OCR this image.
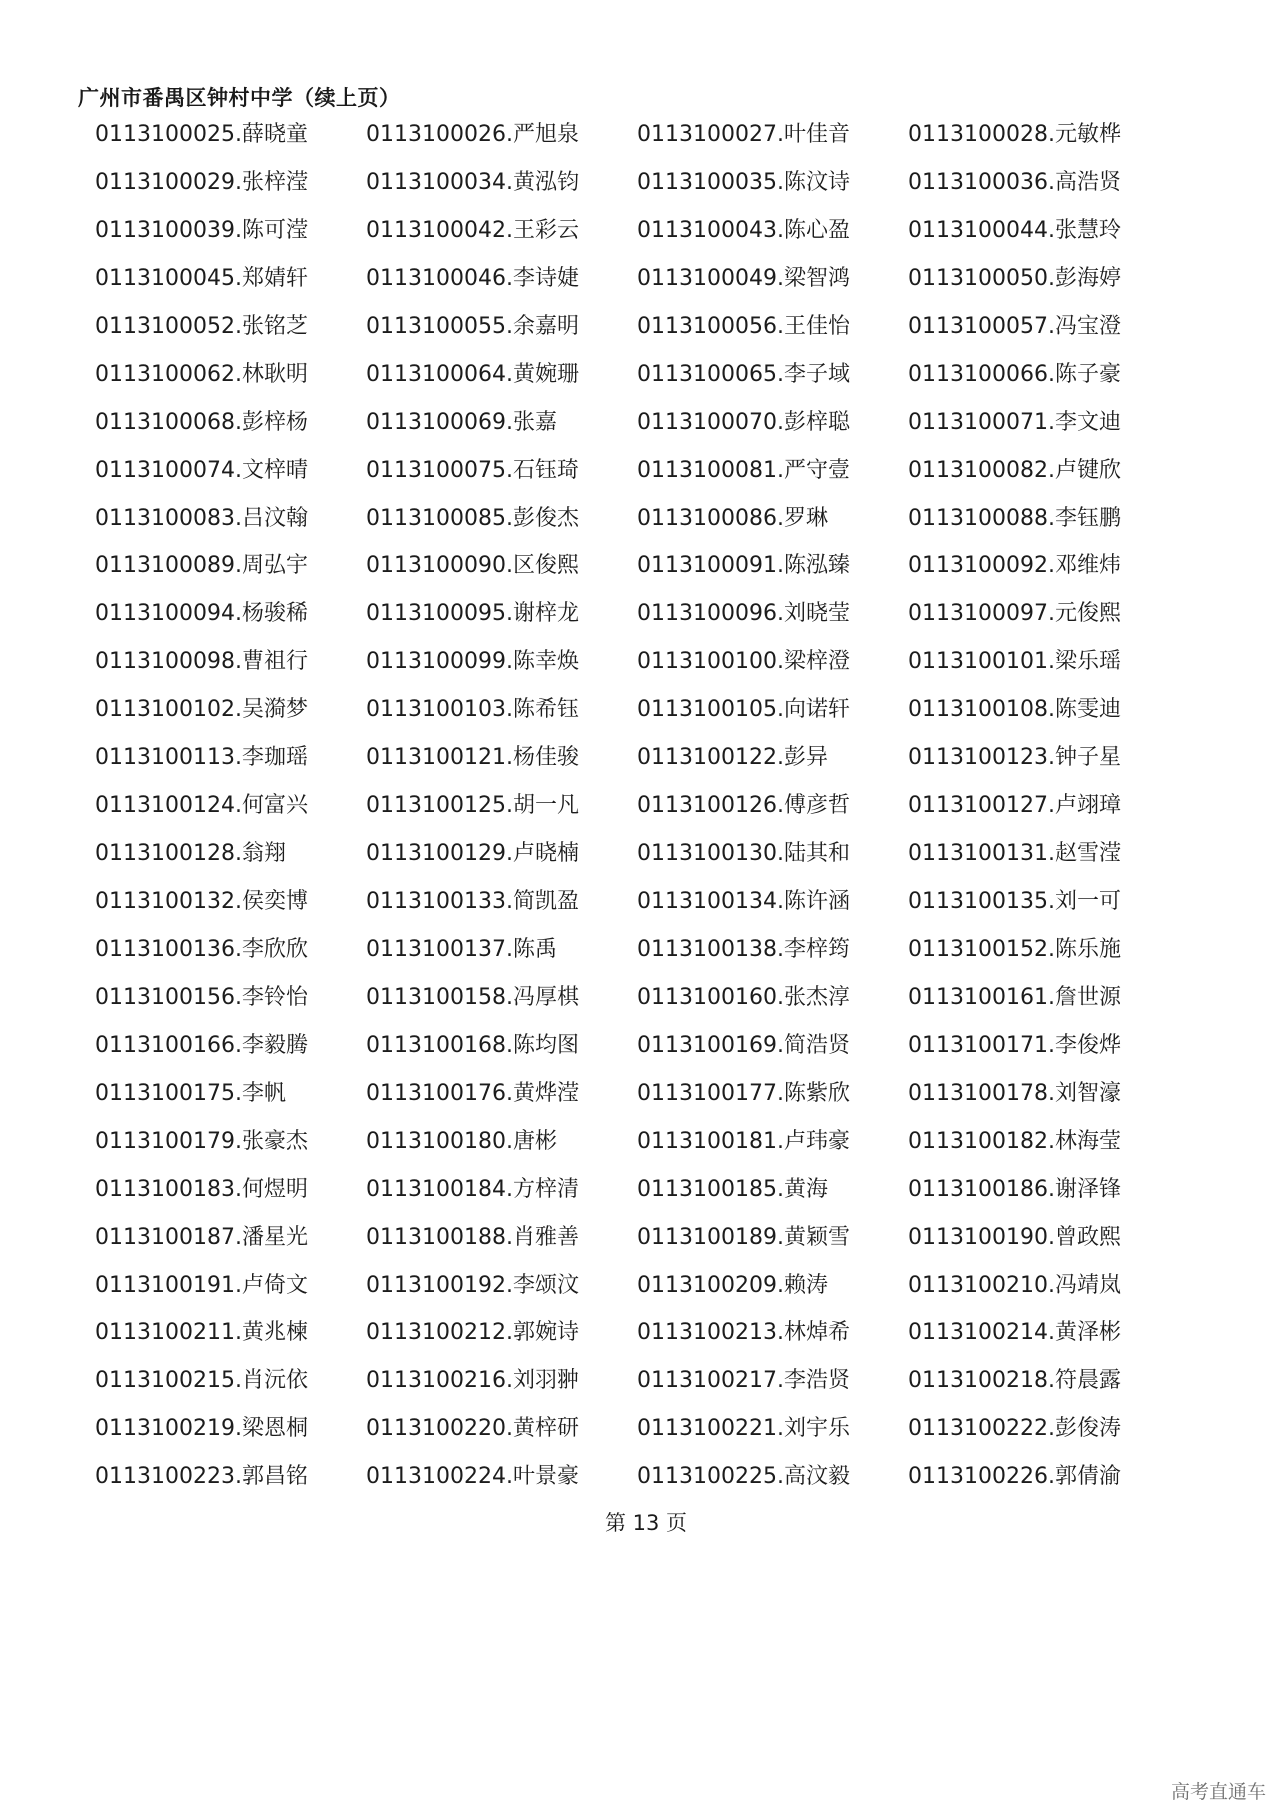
广州市番禺区钟村中学（续上页）
0113100025.薛晓童	0113100026.严旭泉	0113100027.叶佳音	0113100028.元敏桦
0113100029.张梓滢	0113100034.黄泓钧	0113100035.陈汶诗	0113100036.高浩贤
0113100039.陈可滢	0113100042.王彩云	0113100043.陈心盈	0113100044.张慧玲
0113100045.郑婧轩	0113100046.李诗婕	0113100049.梁智鸿	0113100050.彭海婷
0113100052.张铭芝	0113100055.余嘉明	0113100056.王佳怡	0113100057.冯宝澄
0113100062.林耿明	0113100064.黄婉珊	0113100065.李子域	0113100066.陈子豪
0113100068.彭梓杨	0113100069.张嘉	0113100070.彭梓聪	0113100071.李文迪
0113100074.文梓晴	0113100075.石钰琦	0113100081.严守壹	0113100082.卢键欣
0113100083.吕汶翰	0113100085.彭俊杰	0113100086.罗琳	0113100088.李钰鹏
0113100089.周弘宇	0113100090.区俊熙	0113100091.陈泓臻	0113100092.邓维炜
0113100094.杨骏稀	0113100095.谢梓龙	0113100096.刘晓莹	0113100097.元俊熙
0113100098.曹祖行	0113100099.陈幸焕	0113100100.梁梓澄	0113100101.梁乐瑶
0113100102.吴漪梦	0113100103.陈希钰	0113100105.向诺轩	0113100108.陈雯迪
0113100113.李珈瑶	0113100121.杨佳骏	0113100122.彭异	0113100123.钟子星
0113100124.何富兴	0113100125.胡一凡	0113100126.傅彦哲	0113100127.卢翊璋
0113100128.翁翔	0113100129.卢晓楠	0113100130.陆其和	0113100131.赵雪滢
0113100132.侯奕博	0113100133.简凯盈	0113100134.陈许涵	0113100135.刘一可
0113100136.李欣欣	0113100137.陈禹	0113100138.李梓筠	0113100152.陈乐施
0113100156.李铃怡	0113100158.冯厚棋	0113100160.张杰淳	0113100161.詹世源
0113100166.李毅腾	0113100168.陈均图	0113100169.简浩贤	0113100171.李俊烨
0113100175.李帆	0113100176.黄烨滢	0113100177.陈紫欣	0113100178.刘智濠
0113100179.张豪杰	0113100180.唐彬	0113100181.卢玮豪	0113100182.林海莹
0113100183.何煜明	0113100184.方梓清	0113100185.黄海	0113100186.谢泽锋
0113100187.潘星光	0113100188.肖雅善	0113100189.黄颖雪	0113100190.曾政熙
0113100191.卢倚文	0113100192.李颂汶	0113100209.赖涛	0113100210.冯靖岚
0113100211.黄兆楝	0113100212.郭婉诗	0113100213.林焯希	0113100214.黄泽彬
0113100215.肖沅依	0113100216.刘羽翀	0113100217.李浩贤	0113100218.符晨露
0113100219.梁恩桐	0113100220.黄梓研	0113100221.刘宇乐	0113100222.彭俊涛
0113100223.郭昌铭	0113100224.叶景豪	0113100225.高汶毅	0113100226.郭倩渝
第 13 页
高考直通车
